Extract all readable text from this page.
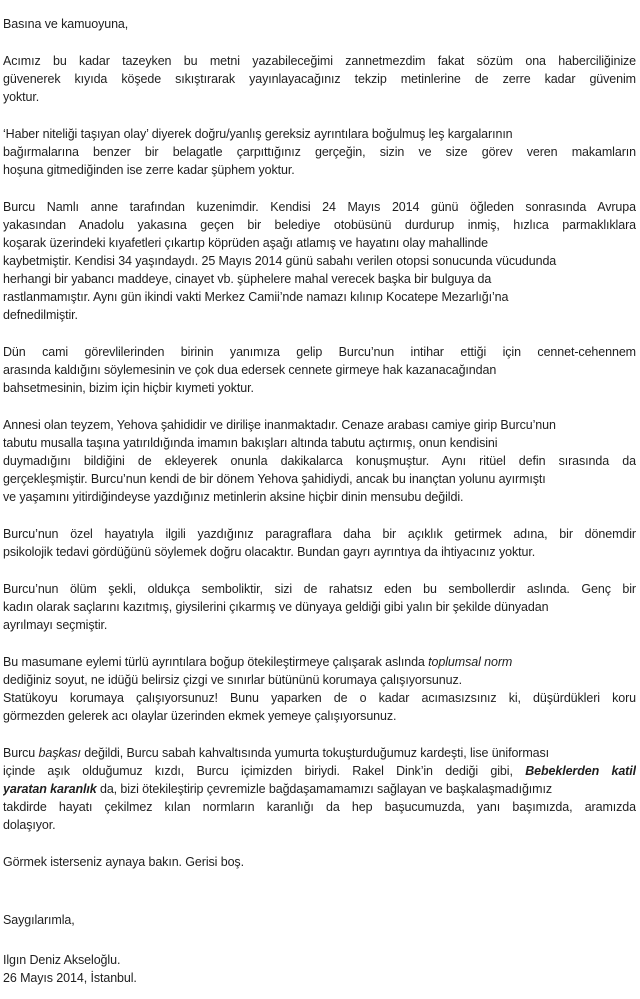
Basına ve kamuoyuna,
Acımız bu kadar tazeyken bu metni yazabileceğimi zannetmezdim fakat sözüm ona haberciliğinize
güvenerek kıyıda köşede sıkıştırarak yayınlayacağınız tekzip metinlerine de zerre kadar güvenim
yoktur.
‘Haber niteliği taşıyan olay’ diyerek doğru/yanlış gereksiz ayrıntılara boğulmuş leş kargalarının
bağırmalarına benzer bir belagatle çarpıttığınız gerçeğin, sizin ve size görev veren makamların
hoşuna gitmediğinden ise zerre kadar şüphem yoktur.
Burcu Namlı anne tarafından kuzenimdir. Kendisi 24 Mayıs 2014 günü öğleden sonrasında Avrupa
yakasından Anadolu yakasına geçen bir belediye otobüsünü durdurup inmiş, hızlıca parmaklıklara
koşarak üzerindeki kıyafetleri çıkartıp köprüden aşağı atlamış ve hayatını olay mahallinde
kaybetmiştir. Kendisi 34 yaşındaydı. 25 Mayıs 2014 günü sabahı verilen otopsi sonucunda vücudunda
herhangi bir yabancı maddeye, cinayet vb. şüphelere mahal verecek başka bir bulguya da
rastlanmamıştır. Aynı gün ikindi vakti Merkez Camii’nde namazı kılınıp Kocatepe Mezarlığı’na
defnedilmiştir.
Dün cami görevlilerinden birinin yanımıza gelip Burcu’nun intihar ettiği için cennet-cehennem
arasında kaldığını söylemesinin ve çok dua edersek cennete girmeye hak kazanacağından
bahsetmesinin, bizim için hiçbir kıymeti yoktur.
Annesi olan teyzem, Yehova şahididir ve dirilişe inanmaktadır. Cenaze arabası camiye girip Burcu’nun
tabutu musalla taşına yatırıldığında imamın bakışları altında tabutu açtırmış, onun kendisini
duymadığını bildiğini de ekleyerek onunla dakikalarca konuşmuştur. Aynı ritüel defin sırasında da
gerçekleşmiştir. Burcu’nun kendi de bir dönem Yehova şahidiydi, ancak bu inançtan yolunu ayırmıştı
ve yaşamını yitirdiğindeyse yazdığınız metinlerin aksine hiçbir dinin mensubu değildi.
Burcu’nun özel hayatıyla ilgili yazdığınız paragraflara daha bir açıklık getirmek adına, bir dönemdir
psikolojik tedavi gördüğünü söylemek doğru olacaktır. Bundan gayrı ayrıntıya da ihtiyacınız yoktur.
Burcu’nun ölüm şekli, oldukça semboliktir, sizi de rahatsız eden bu sembollerdir aslında. Genç bir
kadın olarak saçlarını kazıtmış, giysilerini çıkarmış ve dünyaya geldiği gibi yalın bir şekilde dünyadan
ayrılmayı seçmiştir.
Bu masumane eylemi türlü ayrıntılara boğup ötekileştirmeye çalışarak aslında toplumsal norm
dediğiniz soyut, ne idüğü belirsiz çizgi ve sınırlar bütününü korumaya çalışıyorsunuz.
Statükoyu korumaya çalışıyorsunuz! Bunu yaparken de o kadar acımasızsınız ki, düşürdükleri koru
görmezden gelerek acı olaylar üzerinden ekmek yemeye çalışıyorsunuz.
Burcu başkası değildi, Burcu sabah kahvaltısında yumurta tokuşturduğumuz kardeşti, lise üniforması
içinde aşık olduğumuz kızdı, Burcu içimizden biriydi. Rakel Dink’in dediği gibi, Bebeklerden katil
yaratan karanlık da, bizi ötekileştirip çevremizle bağdaşamamamızı sağlayan ve başkalaşmadığımız
takdirde hayatı çekilmez kılan normların karanlığı da hep başucumuzda, yanı başımızda, aramızda
dolaşıyor.
Görmek isterseniz aynaya bakın. Gerisi boş.
Saygılarımla,
Ilgın Deniz Akseloğlu.
26 Mayıs 2014, İstanbul.
